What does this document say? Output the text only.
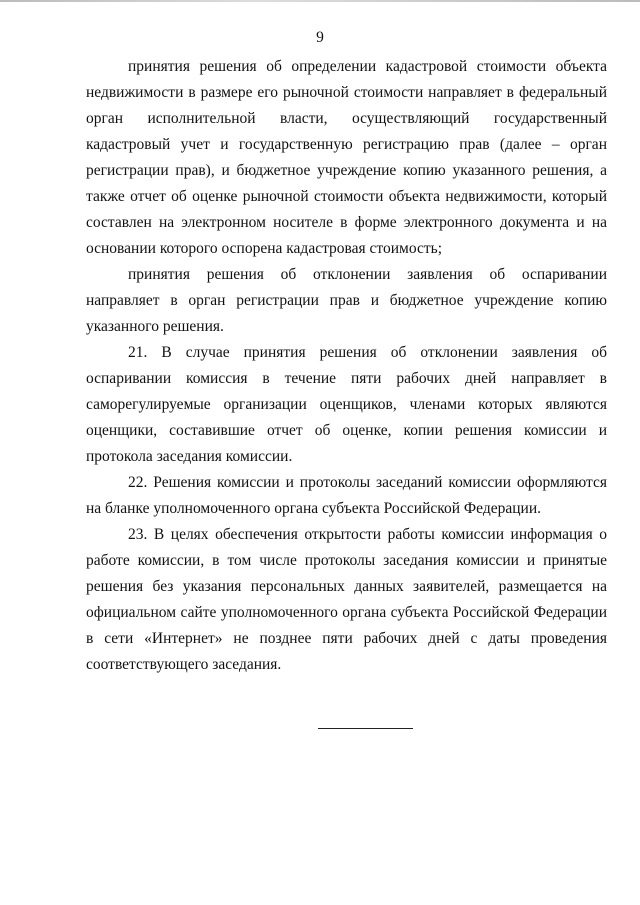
9

принятия решения об определении кадастровой стоимости объекта недвижимости в размере его рыночной стоимости направляет в федеральный орган исполнительной власти, осуществляющий государственный кадастровый учет и государственную регистрацию прав (далее – орган регистрации прав), и бюджетное учреждение копию указанного решения, а также отчет об оценке рыночной стоимости объекта недвижимости, который составлен на электронном носителе в форме электронного документа и на основании которого оспорена кадастровая стоимость;

принятия решения об отклонении заявления об оспаривании направляет в орган регистрации прав и бюджетное учреждение копию указанного решения.

21. В случае принятия решения об отклонении заявления об оспаривании комиссия в течение пяти рабочих дней направляет в саморегулируемые организации оценщиков, членами которых являются оценщики, составившие отчет об оценке, копии решения комиссии и протокола заседания комиссии.

22. Решения комиссии и протоколы заседаний комиссии оформляются на бланке уполномоченного органа субъекта Российской Федерации.

23. В целях обеспечения открытости работы комиссии информация о работе комиссии, в том числе протоколы заседания комиссии и принятые решения без указания персональных данных заявителей, размещается на официальном сайте уполномоченного органа субъекта Российской Федерации в сети «Интернет» не позднее пяти рабочих дней с даты проведения соответствующего заседания.
